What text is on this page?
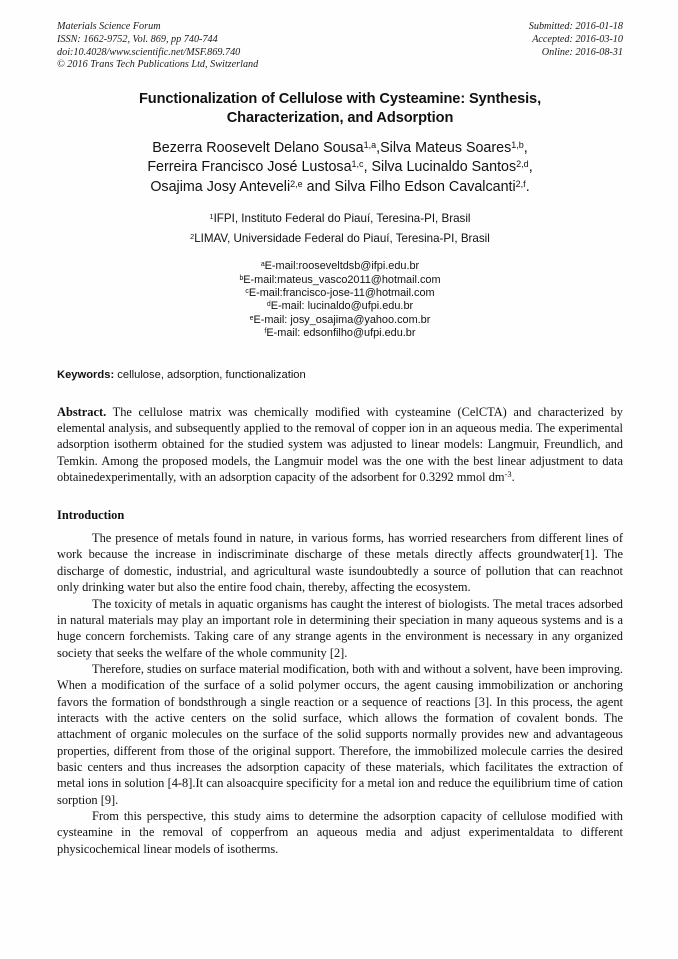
Materials Science Forum
ISSN: 1662-9752, Vol. 869, pp 740-744
doi:10.4028/www.scientific.net/MSF.869.740
© 2016 Trans Tech Publications Ltd, Switzerland
Submitted: 2016-01-18
Accepted: 2016-03-10
Online: 2016-08-31
Functionalization of Cellulose with Cysteamine: Synthesis,
Characterization, and Adsorption
Bezerra Roosevelt Delano Sousa$^{1,a}$,Silva Mateus Soares$^{1,b}$,
Ferreira Francisco José Lustosa$^{1,c}$, Silva Lucinaldo Santos$^{2,d}$,
Osajima Josy Anteveli$^{2,e}$ and Silva Filho Edson Cavalcanti$^{2,f}$.
$^1$IFPI, Instituto Federal do Piauí, Teresina-PI, Brasil
$^2$LIMAV, Universidade Federal do Piauí, Teresina-PI, Brasil
$^a$E-mail:rooseveltdsb@ifpi.edu.br
$^b$E-mail:mateus_vasco2011@hotmail.com
$^c$E-mail:francisco-jose-11@hotmail.com
$^d$E-mail: lucinaldo@ufpi.edu.br
$^e$E-mail: josy_osajima@yahoo.com.br
$^f$E-mail: edsonfilho@ufpi.edu.br
Keywords: cellulose, adsorption, functionalization
Abstract. The cellulose matrix was chemically modified with cysteamine (CelCTA) and characterized by elemental analysis, and subsequently applied to the removal of copper ion in an aqueous media. The experimental adsorption isotherm obtained for the studied system was adjusted to linear models: Langmuir, Freundlich, and Temkin. Among the proposed models, the Langmuir model was the one with the best linear adjustment to data obtainedexperimentally, with an adsorption capacity of the adsorbent for 0.3292 mmol $dm^{-3}$.
Introduction

The presence of metals found in nature, in various forms, has worried researchers from different lines of work because the increase in indiscriminate discharge of these metals directly affects groundwater[1]. The discharge of domestic, industrial, and agricultural waste isundoubtedly a source of pollution that can reachnot only drinking water but also the entire food chain, thereby, affecting the ecosystem.

The toxicity of metals in aquatic organisms has caught the interest of biologists. The metal traces adsorbed in natural materials may play an important role in determining their speciation in many aqueous systems and is a huge concern forchemists. Taking care of any strange agents in the environment is necessary in any organized society that seeks the welfare of the whole community [2].

Therefore, studies on surface material modification, both with and without a solvent, have been improving. When a modification of the surface of a solid polymer occurs, the agent causing immobilization or anchoring favors the formation of bondsthrough a single reaction or a sequence of reactions [3]. In this process, the agent interacts with the active centers on the solid surface, which allows the formation of covalent bonds. The attachment of organic molecules on the surface of the solid supports normally provides new and advantageous properties, different from those of the original support. Therefore, the immobilized molecule carries the desired basic centers and thus increases the adsorption capacity of these materials, which facilitates the extraction of metal ions in solution [4-8].It can alsoacquire specificity for a metal ion and reduce the equilibrium time of cation sorption [9].

From this perspective, this study aims to determine the adsorption capacity of cellulose modified with cysteamine in the removal of copperfrom an aqueous media and adjust experimentaldata to different physicochemical linear models of isotherms.
